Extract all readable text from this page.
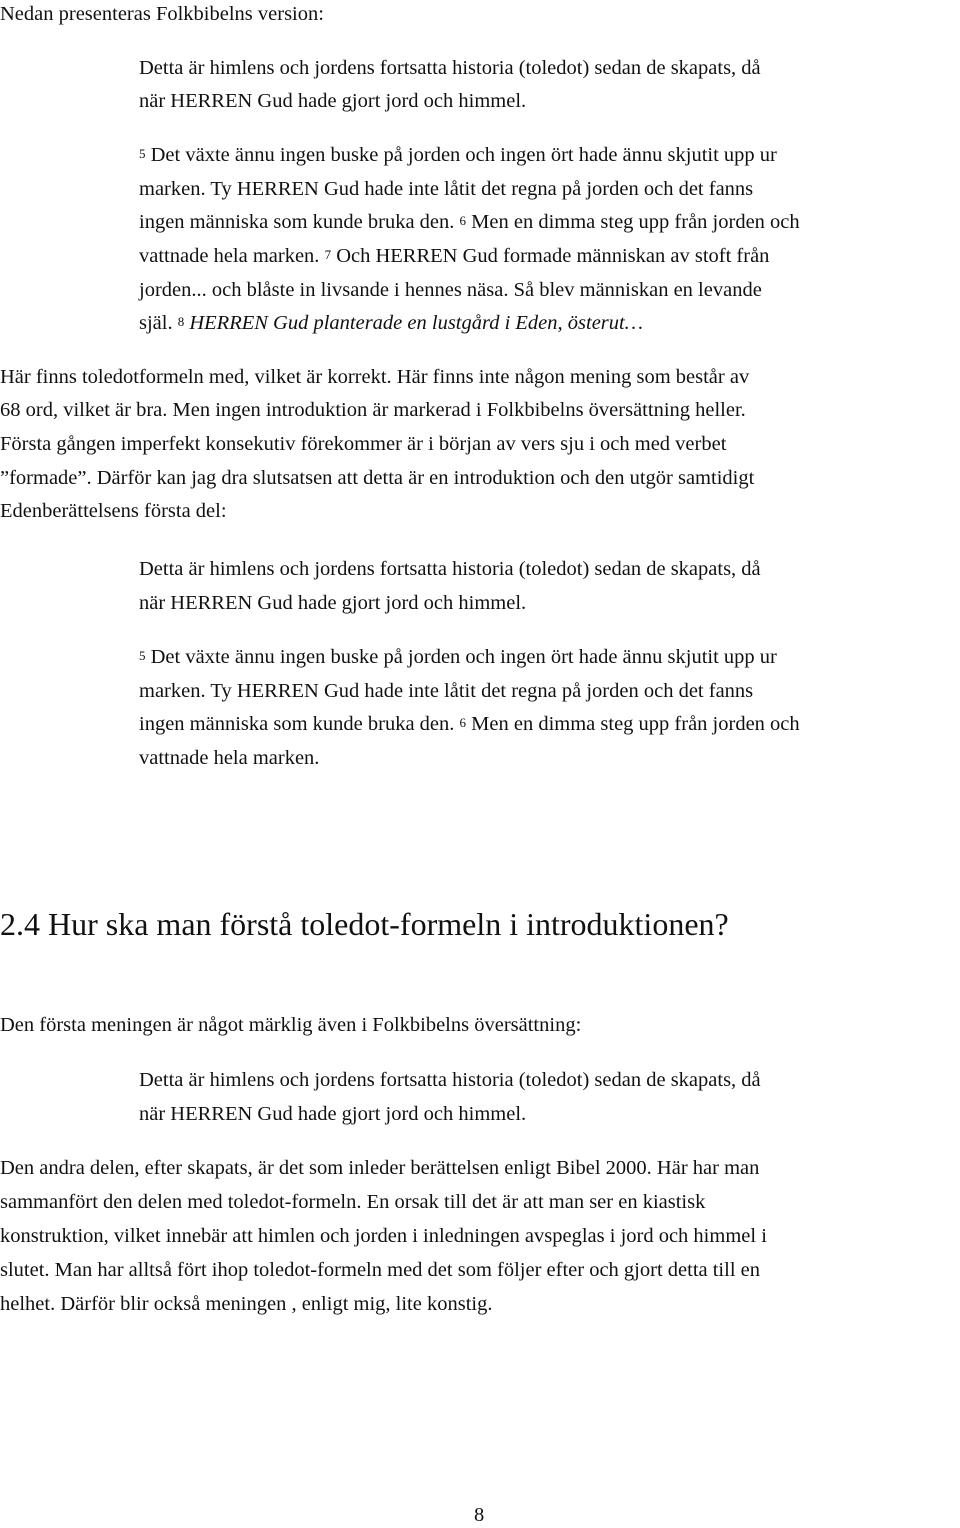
Nedan presenteras Folkbibelns version:
Detta är himlens och jordens fortsatta historia (toledot) sedan de skapats, då
när HERREN Gud hade gjort jord och himmel.
$^5$ Det växte ännu ingen buske på jorden och ingen ört hade ännu skjutit upp ur
marken. Ty HERREN Gud hade inte låtit det regna på jorden och det fanns
ingen människa som kunde bruka den. $^6$ Men en dimma steg upp från jorden och
vattnade hela marken. $^7$ Och HERREN Gud formade människan av stoft från
jorden... och blåste in livsande i hennes näsa. Så blev människan en levande
själ. $^8$ HERREN Gud planterade en lustgård i Eden, österut…
Här finns toledotformeln med, vilket är korrekt. Här finns inte någon mening som består av
68 ord, vilket är bra. Men ingen introduktion är markerad i Folkbibelns översättning heller.
Första gången imperfekt konsekutiv förekommer är i början av vers sju i och med verbet
”formade”. Därför kan jag dra slutsatsen att detta är en introduktion och den utgör samtidigt
Edenberättelsens första del:
Detta är himlens och jordens fortsatta historia (toledot) sedan de skapats, då
när HERREN Gud hade gjort jord och himmel.
$^5$ Det växte ännu ingen buske på jorden och ingen ört hade ännu skjutit upp ur
marken. Ty HERREN Gud hade inte låtit det regna på jorden och det fanns
ingen människa som kunde bruka den. $^6$ Men en dimma steg upp från jorden och
vattnade hela marken.
2.4 Hur ska man förstå toledot-formeln i introduktionen?
Den första meningen är något märklig även i Folkbibelns översättning:
Detta är himlens och jordens fortsatta historia (toledot) sedan de skapats, då
när HERREN Gud hade gjort jord och himmel.
Den andra delen, efter skapats, är det som inleder berättelsen enligt Bibel 2000. Här har man
sammanfört den delen med toledot-formeln. En orsak till det är att man ser en kiastisk
konstruktion, vilket innebär att himlen och jorden i inledningen avspeglas i jord och himmel i
slutet. Man har alltså fört ihop toledot-formeln med det som följer efter och gjort detta till en
helhet. Därför blir också meningen , enligt mig, lite konstig.
8
